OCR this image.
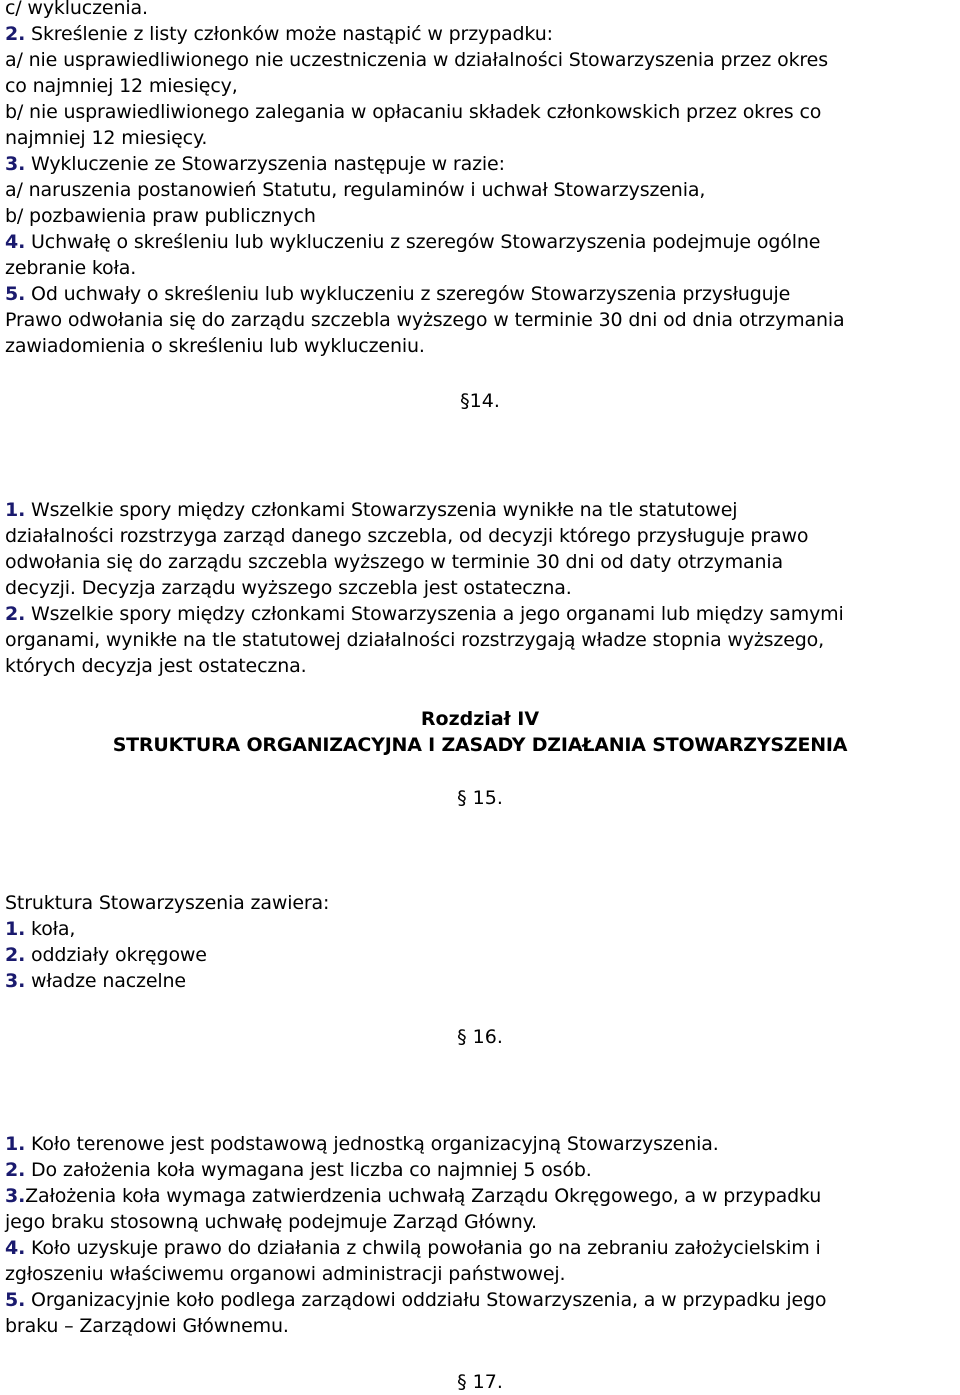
c/ wykluczenia.

2. Skreślenie z listy członków może nastąpić w przypadku:

a/ nie usprawiedliwionego nie uczestniczenia w działalności Stowarzyszenia przez okres

co najmniej 12 miesięcy,

b/ nie usprawiedliwionego zalegania w opłacaniu składek członkowskich przez okres co

najmniej 12 miesięcy.

3. Wykluczenie ze Stowarzyszenia następuje w razie:

a/ naruszenia postanowień Statutu, regulaminów i uchwał Stowarzyszenia,

b/ pozbawienia praw publicznych

4. Uchwałę o skreśleniu lub wykluczeniu z szeregów Stowarzyszenia podejmuje ogólne

zebranie koła.

5. Od uchwały o skreśleniu lub wykluczeniu z szeregów Stowarzyszenia przysługuje

Prawo odwołania się do zarządu szczebla wyższego w terminie 30 dni od dnia otrzymania

zawiadomienia o skreśleniu lub wykluczeniu.

§14.

1. Wszelkie spory między członkami Stowarzyszenia wynikłe na tle statutowej

działalności rozstrzyga zarząd danego szczebla, od decyzji którego przysługuje prawo

odwołania się do zarządu szczebla wyższego w terminie 30 dni od daty otrzymania

decyzji. Decyzja zarządu wyższego szczebla jest ostateczna.

2. Wszelkie spory między członkami Stowarzyszenia a jego organami lub między samymi

organami, wynikłe na tle statutowej działalności rozstrzygają władze stopnia wyższego,

których decyzja jest ostateczna.

Rozdział IV

STRUKTURA ORGANIZACYJNA I ZASADY DZIAŁANIA STOWARZYSZENIA

§ 15.

Struktura Stowarzyszenia zawiera:

1. koła,

2. oddziały okręgowe

3. władze naczelne

§ 16.

1. Koło terenowe jest podstawową jednostką organizacyjną Stowarzyszenia.

2. Do założenia koła wymagana jest liczba co najmniej 5 osób.

3.Założenia koła wymaga zatwierdzenia uchwałą Zarządu Okręgowego, a w przypadku

jego braku stosowną uchwałę podejmuje Zarząd Główny.

4. Koło uzyskuje prawo do działania z chwilą powołania go na zebraniu założycielskim i

zgłoszeniu właściwemu organowi administracji państwowej.

5. Organizacyjnie koło podlega zarządowi oddziału Stowarzyszenia, a w przypadku jego

braku – Zarządowi Głównemu.

§ 17.
